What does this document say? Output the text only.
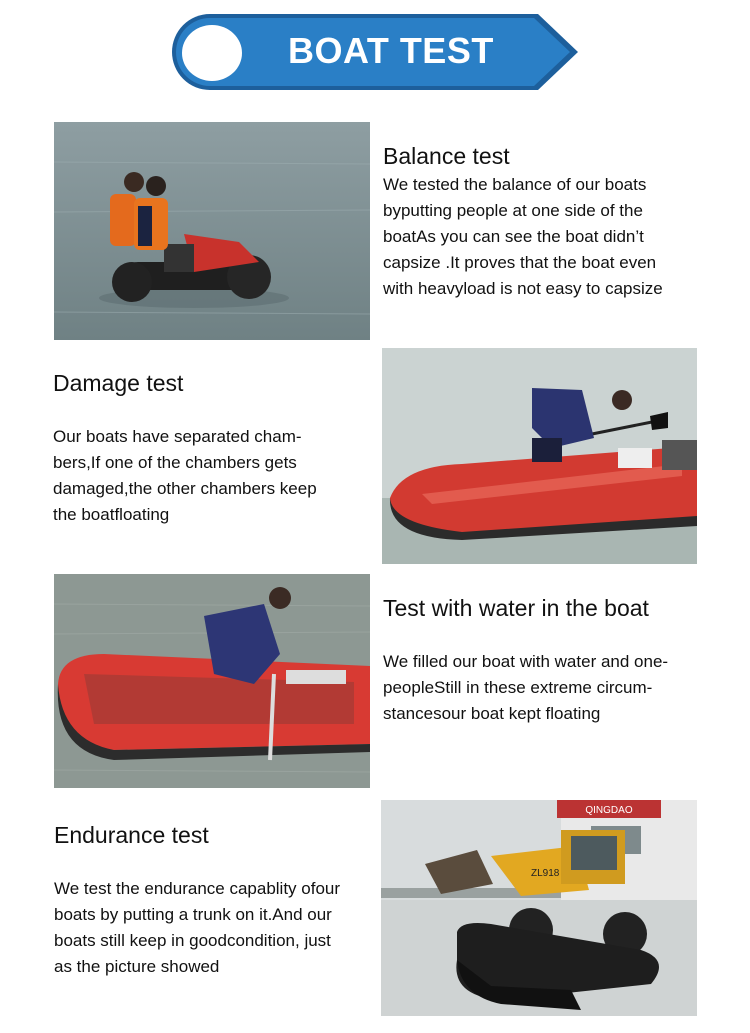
BOAT TEST
Balance test
We tested the balance of our boats
byputting people at one side of the
boatAs you can see the boat didn’t
capsize .It proves that the boat even
with heavyload is not easy to capsize
Damage test
Our boats have separated cham-
bers,If one of the chambers gets
damaged,the other chambers keep
the boatfloating
Test with water in the boat
We filled our boat with water and one-
peopleStill in these extreme circum-
stancesour boat kept floating
Endurance test
We test the endurance capablity ofour
boats by putting a trunk on it.And our
boats still keep in goodcondition, just
as the picture showed
QINGDAO
ZL918
